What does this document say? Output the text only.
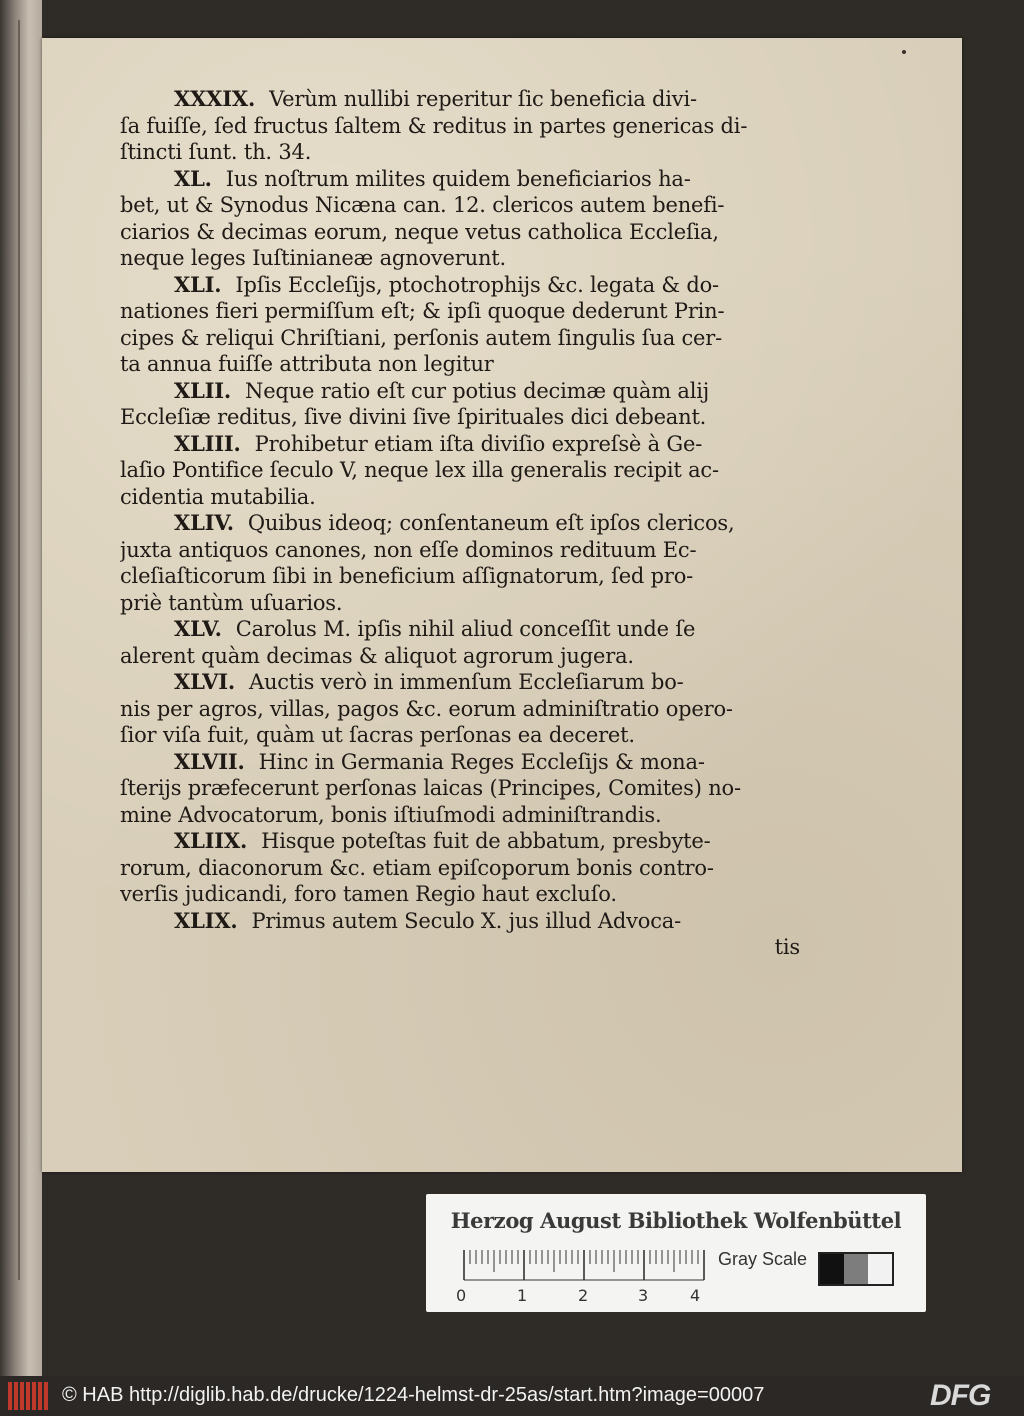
XXXIX. Verùm nullibi reperitur ſic beneficia divi-
ſa fuiſſe, ſed fructus ſaltem & reditus in partes genericas di-
ſtincti ſunt. th. 34.
XL. Ius noſtrum milites quidem beneficiarios ha-
bet, ut & Synodus Nicæna can. 12. clericos autem benefi-
ciarios & decimas eorum, neque vetus catholica Eccleſia,
neque leges Iuſtinianeæ agnoverunt.
XLI. Ipſis Eccleſijs, ptochotrophijs &c. legata & do-
nationes fieri permiſſum eſt; & ipſi quoque dederunt Prin-
cipes & reliqui Chriſtiani, perſonis autem ſingulis ſua cer-
ta annua fuiſſe attributa non legitur
XLII. Neque ratio eſt cur potius decimæ quàm alij
Eccleſiæ reditus, ſive divini ſive ſpirituales dici debeant.
XLIII. Prohibetur etiam iſta diviſio expreſsè à Ge-
laſio Pontifice ſeculo V, neque lex illa generalis recipit ac-
cidentia mutabilia.
XLIV. Quibus ideoq; conſentaneum eſt ipſos clericos,
juxta antiquos canones, non eſſe dominos redituum Ec-
cleſiaſticorum ſibi in beneficium aſſignatorum, ſed pro-
priè tantùm uſuarios.
XLV. Carolus M. ipſis nihil aliud conceſſit unde ſe
alerent quàm decimas & aliquot agrorum jugera.
XLVI. Auctis verò in immenſum Eccleſiarum bo-
nis per agros, villas, pagos &c. eorum adminiſtratio opero-
ſior viſa fuit, quàm ut ſacras perſonas ea deceret.
XLVII. Hinc in Germania Reges Eccleſijs & mona-
ſterijs præfecerunt perſonas laicas (Principes, Comites) no-
mine Advocatorum, bonis iſtiuſmodi adminiſtrandis.
XLIIX. Hisque poteſtas fuit de abbatum, presbyte-
rorum, diaconorum &c. etiam epiſcoporum bonis contro-
verſis judicandi, foro tamen Regio haut excluſo.
XLIX. Primus autem Seculo X. jus illud Advoca-
tis
Herzog August Bibliothek Wolfenbüttel
0	1	2	3	4
Gray Scale
© HAB http://diglib.hab.de/drucke/1224-helmst-dr-25as/start.htm?image=00007	DFG
